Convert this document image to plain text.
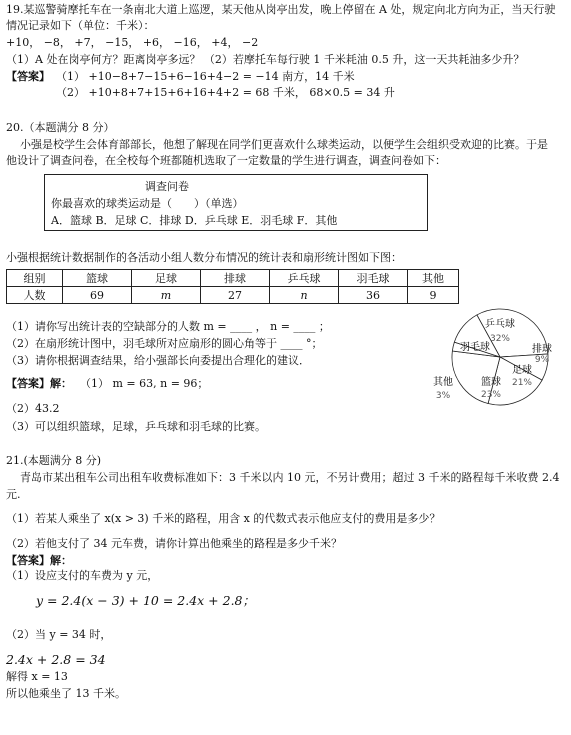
ᅟ
19.某巡警骑摩托车在一条南北大道上巡逻，某天他从岗亭出发，晚上停留在 A 处，规定向北方向为正，当天行驶
情况记录如下（单位：千米）：
+10， −8， +7， −15， +6， −16， +4， −2
（1）A 处在岗亭何方？距离岗亭多远？ （2）若摩托车每行驶 1 千米耗油 0.5 升，这一天共耗油多少升？
【答案】 （1） +10−8+7−15+6−16+4−2 = −14 南方，14 千米
（2） +10+8+7+15+6+16+4+2 = 68 千米， 68×0.5 = 34 升
20.（本题满分 8 分）
小强是校学生会体育部部长，他想了解现在同学们更喜欢什么球类运动，以便学生会组织受欢迎的比赛。于是
他设计了调查问卷，在全校每个班都随机选取了一定数量的学生进行调查，调查问卷如下：
调查问卷
你最喜欢的球类运动是（　　）（单选）
A．篮球 B．足球 C．排球 D．乒乓球 E．羽毛球 F．其他
小强根据统计数据制作的各活动小组人数分布情况的统计表和扇形统计图如下图：
组别	篮球	足球	排球	乒乓球	羽毛球	其他
人数	69	m	27	n	36	9
（1）请你写出统计表的空缺部分的人数 m = ____ ， n = ____ ；
（2）在扇形统计图中，羽毛球所对应扇形的圆心角等于 ____ °；
（3）请你根据调查结果，给小强部长向委提出合理化的建议．
【答案】解： （1） m = 63, n = 96；
（2）43.2
（3）可以组织篮球，足球，乒乓球和羽毛球的比赛。
乒乓球
32%
排球
9%
足球
21%
篮球
23%
其他
3%
羽毛球
21.(本题满分 8 分)
青岛市某出租车公司出租车收费标准如下：3 千米以内 10 元，不另计费用；超过 3 千米的路程每千米收费 2.4
元.
（1）若某人乘坐了 x(x > 3) 千米的路程，用含 x 的代数式表示他应支付的费用是多少？
（2）若他支付了 34 元车费，请你计算出他乘坐的路程是多少千米？
【答案】解：
（1）设应支付的车费为 y 元，
y = 2.4(x − 3) + 10 = 2.4x + 2.8；
（2）当 y = 34 时，
2.4x + 2.8 = 34
解得 x = 13
所以他乘坐了 13 千米。
